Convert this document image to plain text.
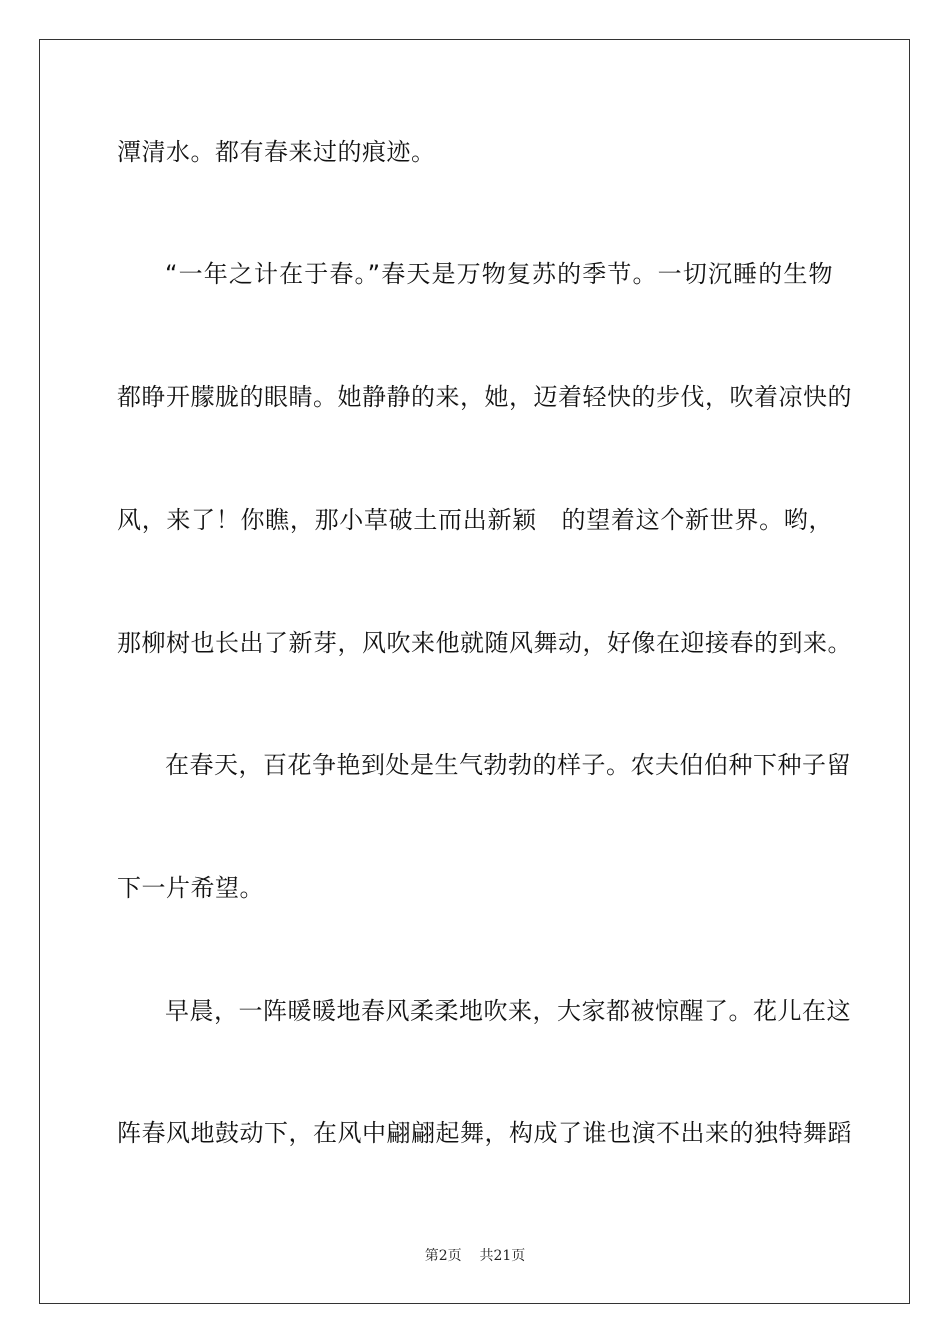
潭清水。都有春来过的痕迹。
“一年之计在于春。”春天是万物复苏的季节。一切沉睡的生物
都睁开朦胧的眼睛。她静静的来，她，迈着轻快的步伐，吹着凉快的
风，来了！你瞧，那小草破土而出新颖　的望着这个新世界。哟，
那柳树也长出了新芽，风吹来他就随风舞动，好像在迎接春的到来。
在春天，百花争艳到处是生气勃勃的样子。农夫伯伯种下种子留
下一片希望。
早晨，一阵暖暖地春风柔柔地吹来，大家都被惊醒了。花儿在这
阵春风地鼓动下，在风中翩翩起舞，构成了谁也演不出来的独特舞蹈
第2页 共21页
